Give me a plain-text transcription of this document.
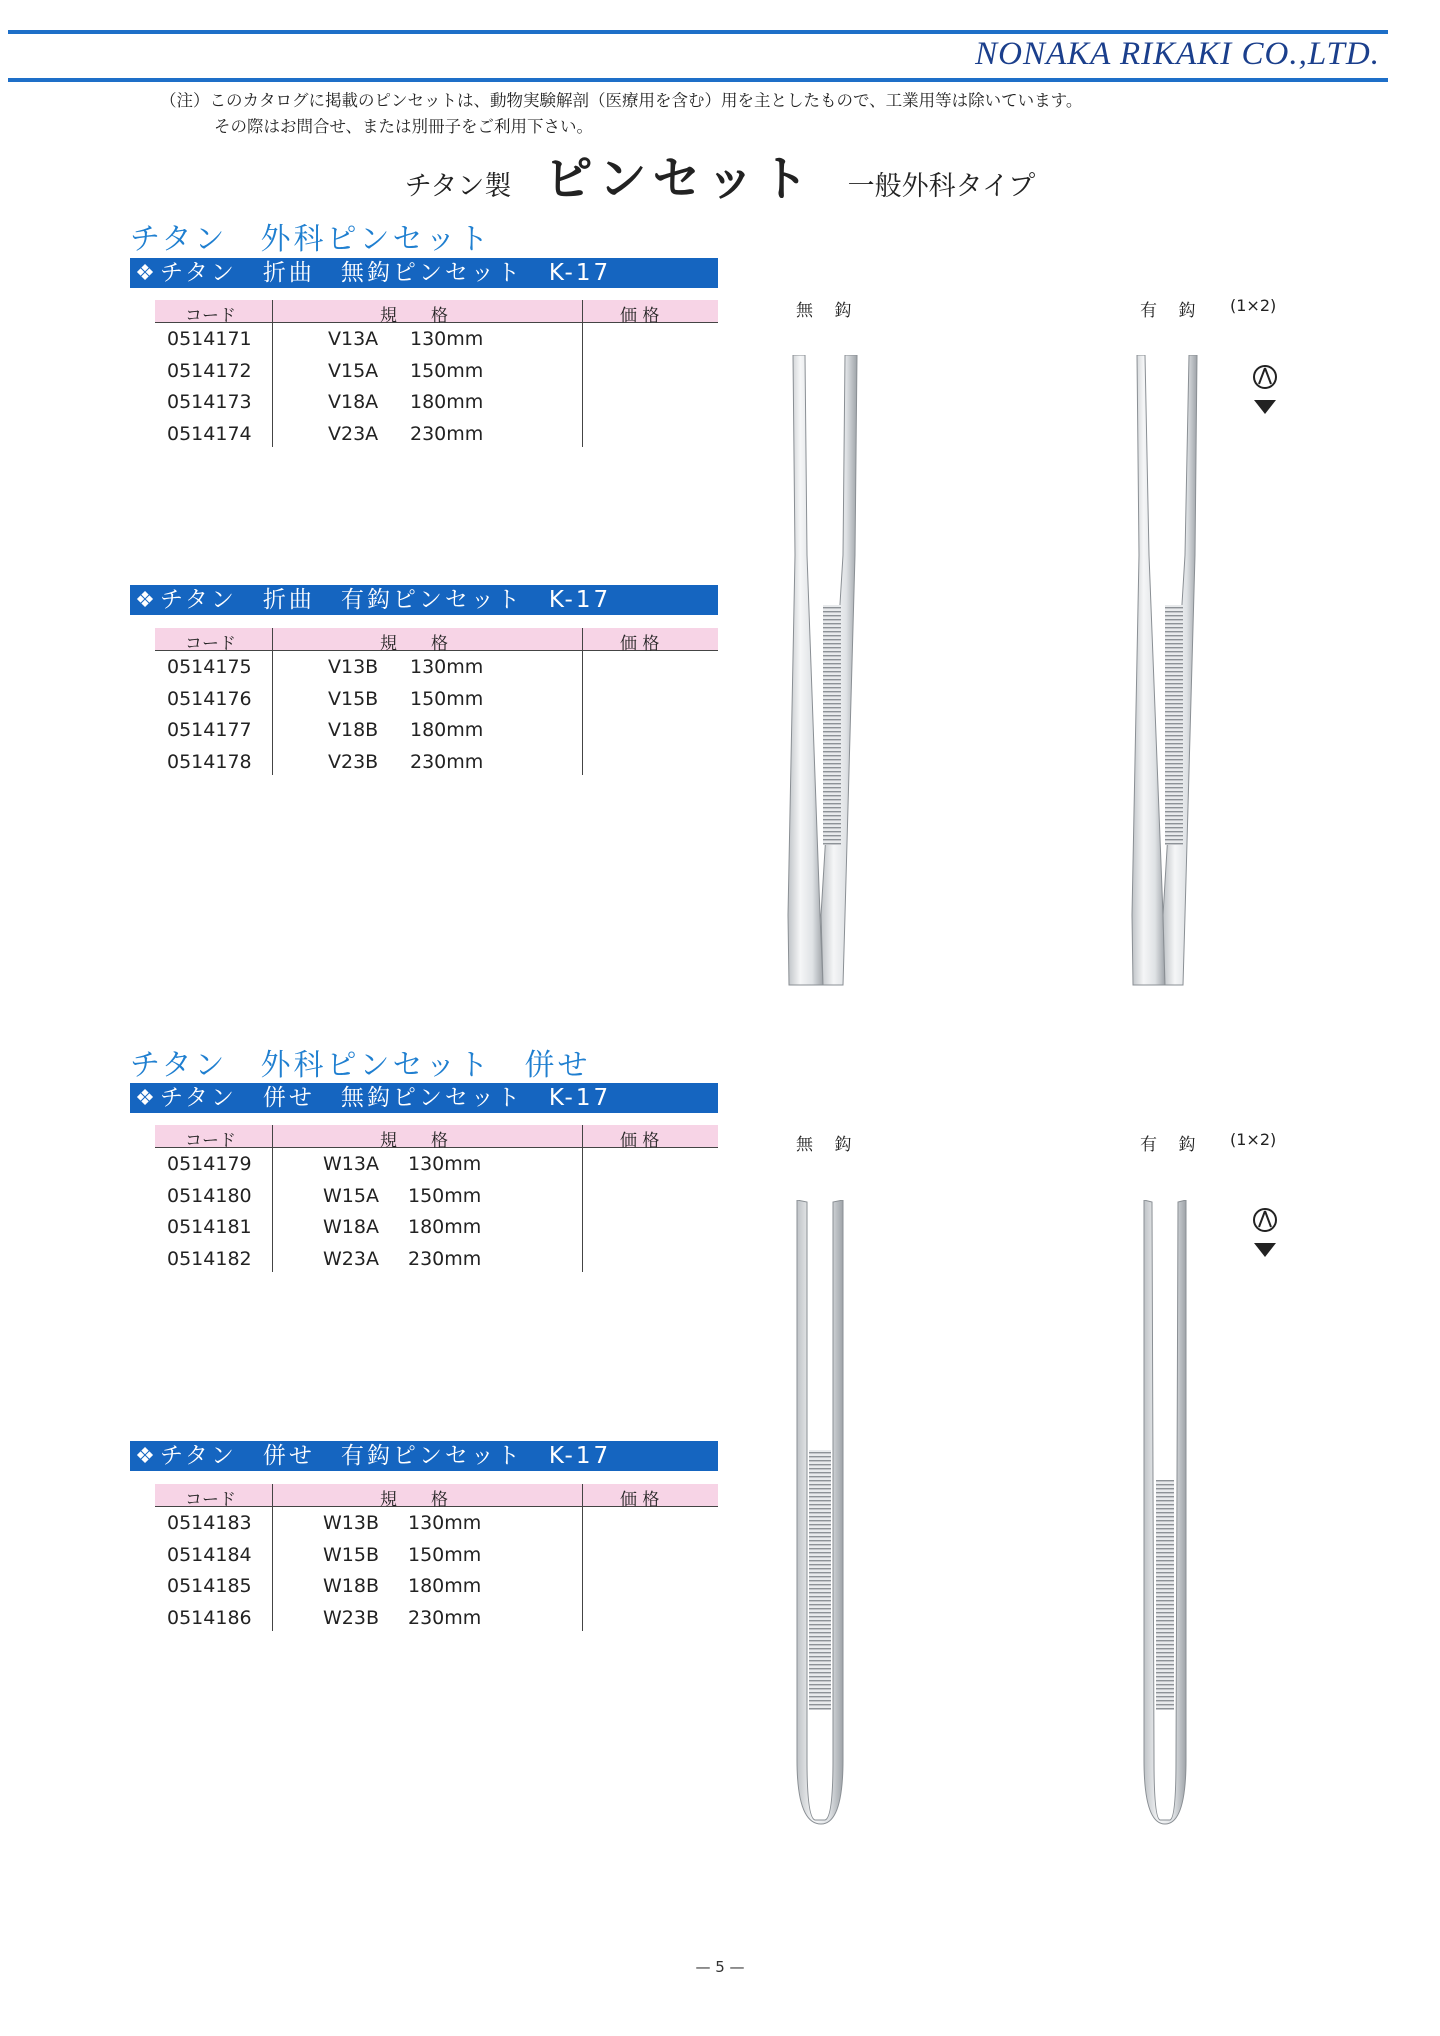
NONAKA RIKAKI CO.,LTD.
（注）このカタログに掲載のピンセットは、動物実験解剖（医療用を含む）用を主としたもので、工業用等は除いています。
その際はお問合せ、または別冊子をご利用下さい。
チタン製 ピンセット 一般外科タイプ
チタン　外科ピンセット
❖ チタン　折曲　無鈎ピンセット　K-17
コード	規　　格	価 格
0514171	V13A 130mm
0514172	V15A 150mm
0514173	V18A 180mm
0514174	V23A 230mm
❖ チタン　折曲　有鈎ピンセット　K-17
コード	規　　格	価 格
0514175	V13B 130mm
0514176	V15B 150mm
0514177	V18B 180mm
0514178	V23B 230mm
チタン　外科ピンセット　併せ
❖ チタン　併せ　無鈎ピンセット　K-17
コード	規　　格	価 格
0514179	W13A 130mm
0514180	W15A 150mm
0514181	W18A 180mm
0514182	W23A 230mm
❖ チタン　併せ　有鈎ピンセット　K-17
コード	規　　格	価 格
0514183	W13B 130mm
0514184	W15B 150mm
0514185	W18B 180mm
0514186	W23B 230mm
無 鈎	有 鈎 (1×2)
無 鈎	有 鈎 (1×2)
— 5 —
